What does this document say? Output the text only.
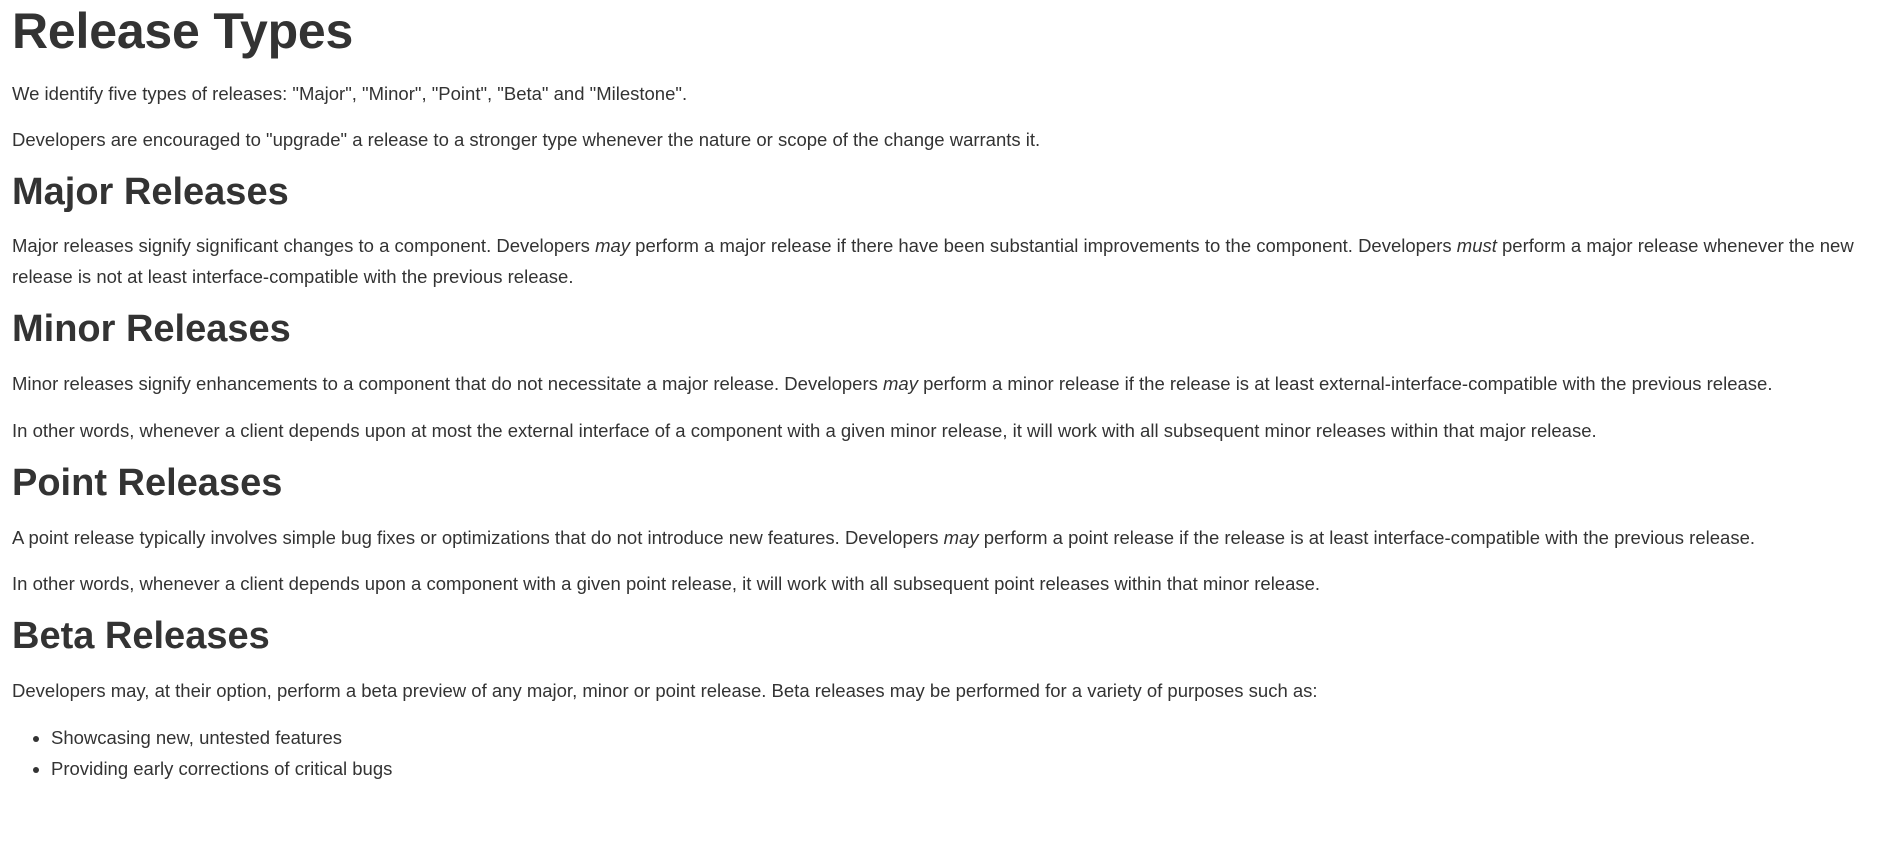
Release Types

We identify five types of releases: "Major", "Minor", "Point", "Beta" and "Milestone".

Developers are encouraged to "upgrade" a release to a stronger type whenever the nature or scope of the change warrants it.

Major Releases

Major releases signify significant changes to a component. Developers may perform a major release if there have been substantial improvements to the component. Developers must perform a major release whenever the new release is not at least interface-compatible with the previous release.

Minor Releases

Minor releases signify enhancements to a component that do not necessitate a major release. Developers may perform a minor release if the release is at least external-interface-compatible with the previous release.

In other words, whenever a client depends upon at most the external interface of a component with a given minor release, it will work with all subsequent minor releases within that major release.

Point Releases

A point release typically involves simple bug fixes or optimizations that do not introduce new features. Developers may perform a point release if the release is at least interface-compatible with the previous release.

In other words, whenever a client depends upon a component with a given point release, it will work with all subsequent point releases within that minor release.

Beta Releases

Developers may, at their option, perform a beta preview of any major, minor or point release. Beta releases may be performed for a variety of purposes such as:

• Showcasing new, untested features
• Providing early corrections of critical bugs
